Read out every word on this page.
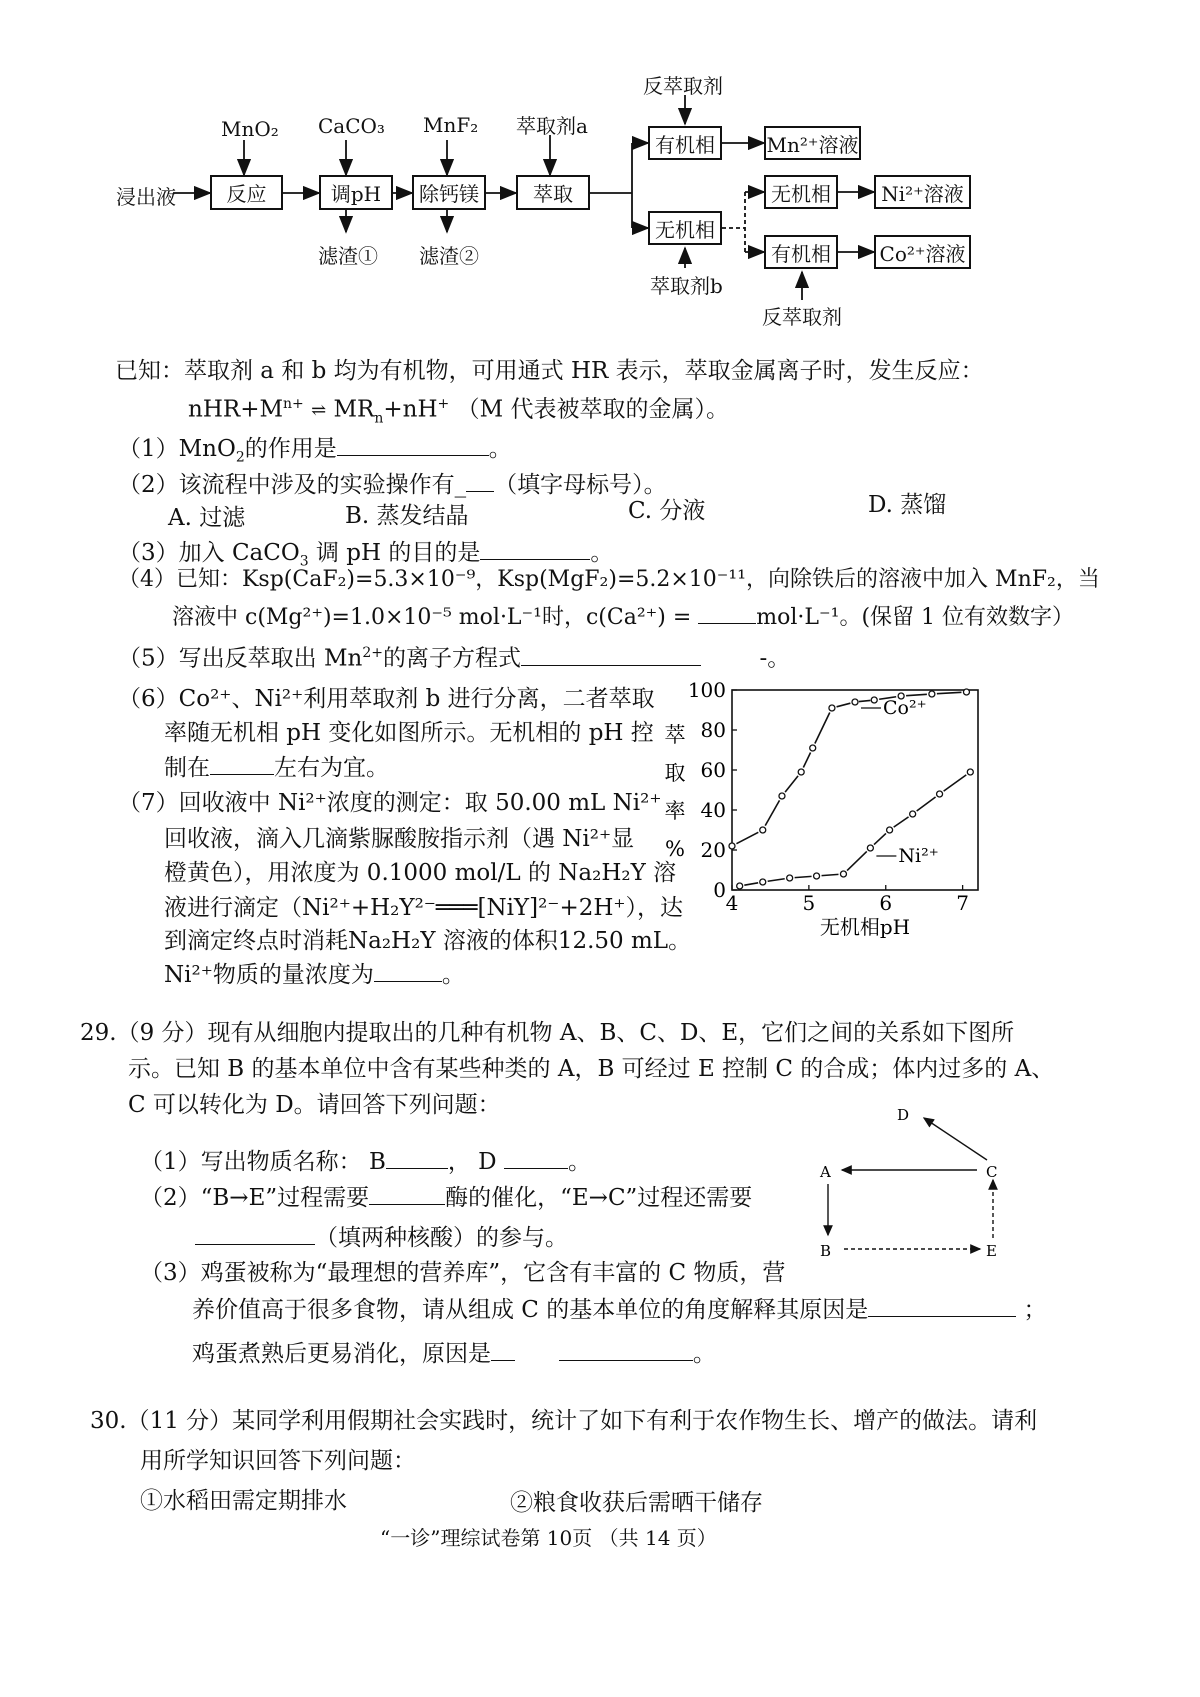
浸出液
MnO₂
反应
CaCO₃
调pH
滤渣①
MnF₂
除钙镁
滤渣②
萃取剂a
萃取
反萃取剂
有机相	Mn²⁺溶液
无机相
萃取剂b
无机相	Ni²⁺溶液
有机相	Co²⁺溶液
反萃取剂
已知：萃取剂 a 和 b 均为有机物，可用通式 HR 表示，萃取金属离子时，发生反应：
$nHR+M^{n+}$ ⇌ $MR_n+nH^+$ （M 代表被萃取的金属）。
（1）MnO$_2$的作用是	。
（2）该流程中涉及的实验操作有_ （填字母标号）。
A. 过滤	B. 蒸发结晶	C. 分液	D. 蒸馏
（3）加入 CaCO$_3$ 调 pH 的目的是	。
（4）已知：Ksp(CaF₂)=5.3×10⁻⁹，Ksp(MgF₂)=5.2×10⁻¹¹，向除铁后的溶液中加入 MnF₂，当
溶液中 c(Mg²⁺)=1.0×10⁻⁵ mol·L⁻¹时，c(Ca²⁺) =	mol·L⁻¹。(保留 1 位有效数字）
（5）写出反萃取出 $Mn^{2+}$的离子方程式	-。
（6）Co²⁺、Ni²⁺利用萃取剂 b 进行分离，二者萃取
率随无机相 pH 变化如图所示。无机相的 pH 控
制在	左右为宜。
（7）回收液中 Ni²⁺浓度的测定：取 50.00 mL Ni²⁺
回收液，滴入几滴紫脲酸胺指示剂（遇 Ni²⁺显
橙黄色），用浓度为 0.1000 mol/L 的 Na₂H₂Y 溶
液进行滴定（Ni²⁺+H₂Y²⁻═══[NiY]²⁻+2H⁺），达
到滴定终点时消耗Na₂H₂Y 溶液的体积12.50 mL。
Ni²⁺物质的量浓度为	。
0
20
40
60
80
100
4	5	6	7
无机相pH
萃
取
率
%
Co²⁺
Ni²⁺
29.（9 分）现有从细胞内提取出的几种有机物 A、B、C、D、E，它们之间的关系如下图所
示。已知 B 的基本单位中含有某些种类的 A，B 可经过 E 控制 C 的合成；体内过多的 A、
C 可以转化为 D。请回答下列问题：
（1）写出物质名称： B	， D	。
（2）“B→E”过程需要	酶的催化，“E→C”过程还需要
（填两种核酸）的参与。
（3）鸡蛋被称为“最理想的营养库”，它含有丰富的 C 物质，营
养价值高于很多食物，请从组成 C 的基本单位的角度解释其原因是	；
鸡蛋煮熟后更易消化，原因是	。
D
A	C
B	E
30.（11 分）某同学利用假期社会实践时，统计了如下有利于农作物生长、增产的做法。请利
用所学知识回答下列问题：
①水稻田需定期排水	②粮食收获后需晒干储存
“一诊”理综试卷第 10页 （共 14 页）
